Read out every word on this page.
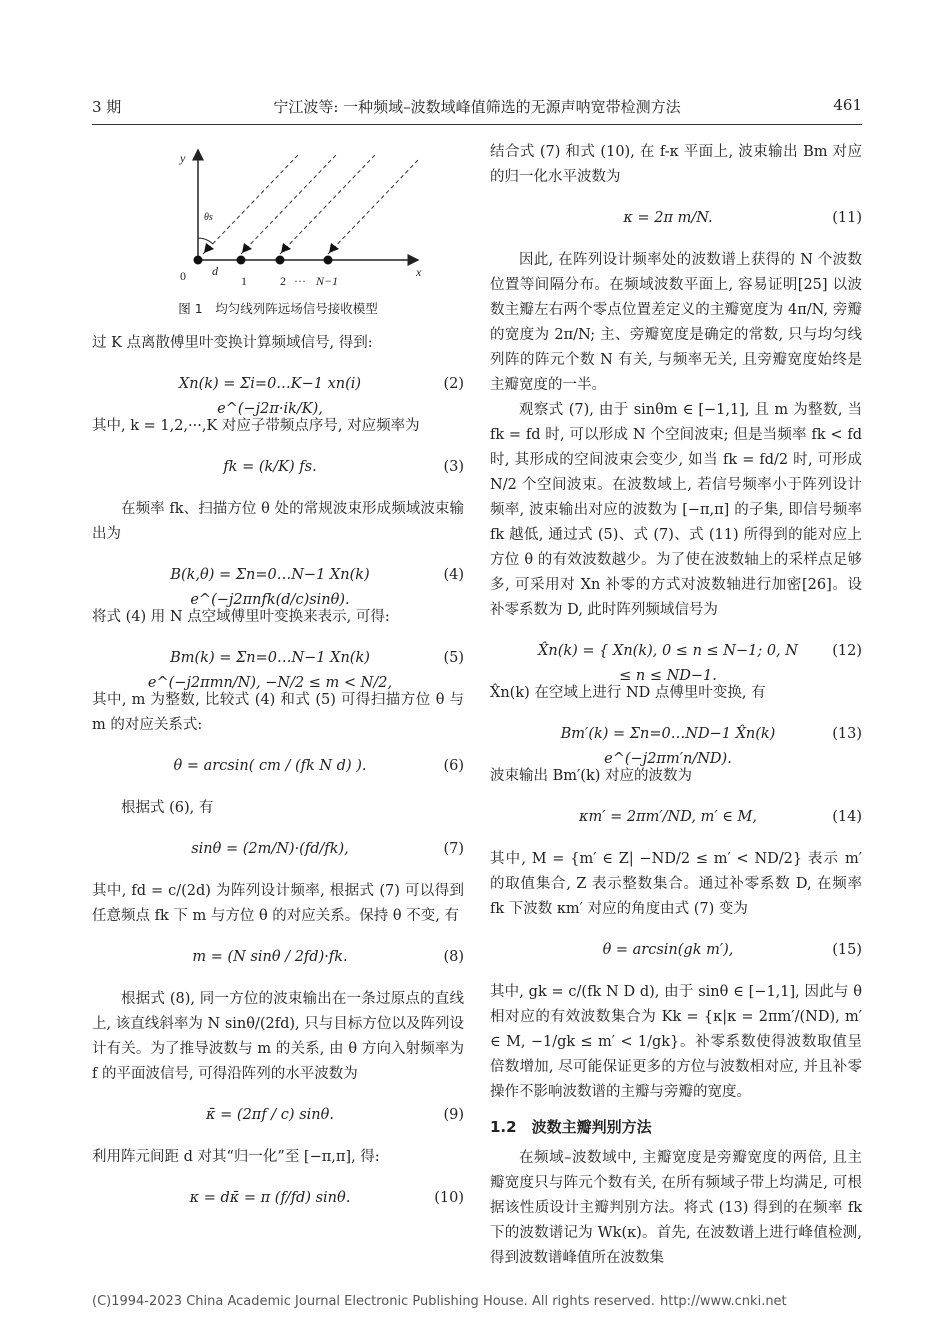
3 期	宁江波等: 一种频域–波数域峰值筛选的无源声呐宽带检测方法	461
y
x
θs
0 d
1	2 ··· N−1
图 1　均匀线列阵远场信号接收模型

过 K 点离散傅里叶变换计算频域信号, 得到:

Xn(k) = Σi=0…K−1 xn(i) e^(−j2π·ik/K),
(2)

其中, k = 1,2,···,K 对应子带频点序号, 对应频率为

fk = (k/K) fs.	(3)

在频率 fk、扫描方位 θ 处的常规波束形成频域波束输出为

B(k,θ) = Σn=0…N−1 Xn(k) e^(−j2πnfk(d/c)sinθ).
(4)

将式 (4) 用 N 点空域傅里叶变换来表示, 可得:

Bm(k) = Σn=0…N−1 Xn(k) e^(−j2πmn/N), −N/2 ≤ m < N/2,
(5)

其中, m 为整数, 比较式 (4) 和式 (5) 可得扫描方位 θ 与 m 的对应关系式:

θ = arcsin( cm / (fk N d) ).	(6)

根据式 (6), 有

sinθ = (2m/N)·(fd/fk),	(7)

其中, fd = c/(2d) 为阵列设计频率, 根据式 (7) 可以得到任意频点 fk 下 m 与方位 θ 的对应关系。保持 θ 不变, 有

m = (N sinθ / 2fd)·fk.	(8)

根据式 (8), 同一方位的波束输出在一条过原点的直线上, 该直线斜率为 N sinθ/(2fd), 只与目标方位以及阵列设计有关。为了推导波数与 m 的关系, 由 θ 方向入射频率为 f 的平面波信号, 可得沿阵列的水平波数为

κ̄ = (2πf / c) sinθ.	(9)

利用阵元间距 d 对其“归一化”至 [−π,π], 得:

κ = dκ̄ = π (f/fd) sinθ.	(10)

结合式 (7) 和式 (10), 在 f-κ 平面上, 波束输出 Bm 对应的归一化水平波数为

κ = 2π m/N.	(11)

因此, 在阵列设计频率处的波数谱上获得的 N 个波数位置等间隔分布。在频域波数平面上, 容易证明[25] 以波数主瓣左右两个零点位置差定义的主瓣宽度为 4π/N, 旁瓣的宽度为 2π/N; 主、旁瓣宽度是确定的常数, 只与均匀线列阵的阵元个数 N 有关, 与频率无关, 且旁瓣宽度始终是主瓣宽度的一半。

观察式 (7), 由于 sinθm ∈ [−1,1], 且 m 为整数, 当 fk = fd 时, 可以形成 N 个空间波束; 但是当频率 fk < fd 时, 其形成的空间波束会变少, 如当 fk = fd/2 时, 可形成 N/2 个空间波束。在波数域上, 若信号频率小于阵列设计频率, 波束输出对应的波数为 [−π,π] 的子集, 即信号频率 fk 越低, 通过式 (5)、式 (7)、式 (11) 所得到的能对应上方位 θ 的有效波数越少。为了使在波数轴上的采样点足够多, 可采用对 Xn 补零的方式对波数轴进行加密[26]。设补零系数为 D, 此时阵列频域信号为

X̂n(k) = { Xn(k), 0 ≤ n ≤ N−1; 0, N ≤ n ≤ ND−1.
(12)

X̂n(k) 在空域上进行 ND 点傅里叶变换, 有

Bm′(k) = Σn=0…ND−1 X̂n(k) e^(−j2πm′n/ND).
(13)

波束输出 Bm′(k) 对应的波数为

κm′ = 2πm′/ND, m′ ∈ M,	(14)

其中, M = {m′ ∈ Z| −ND/2 ≤ m′ < ND/2} 表示 m′ 的取值集合, Z 表示整数集合。通过补零系数 D, 在频率 fk 下波数 κm′ 对应的角度由式 (7) 变为

θ = arcsin(gk m′),	(15)

其中, gk = c/(fk N D d), 由于 sinθ ∈ [−1,1], 因此与 θ 相对应的有效波数集合为 Kk = {κ|κ = 2πm′/(ND), m′ ∈ M, −1/gk ≤ m′ < 1/gk}。补零系数使得波数取值呈倍数增加, 尽可能保证更多的方位与波数相对应, 并且补零操作不影响波数谱的主瓣与旁瓣的宽度。

1.2　波数主瓣判别方法

在频域–波数域中, 主瓣宽度是旁瓣宽度的两倍, 且主瓣宽度只与阵元个数有关, 在所有频域子带上均满足, 可根据该性质设计主瓣判别方法。将式 (13) 得到的在频率 fk 下的波数谱记为 Wk(κ)。首先, 在波数谱上进行峰值检测, 得到波数谱峰值所在波数集

(C)1994-2023 China Academic Journal Electronic Publishing House. All rights reserved. http://www.cnki.net
